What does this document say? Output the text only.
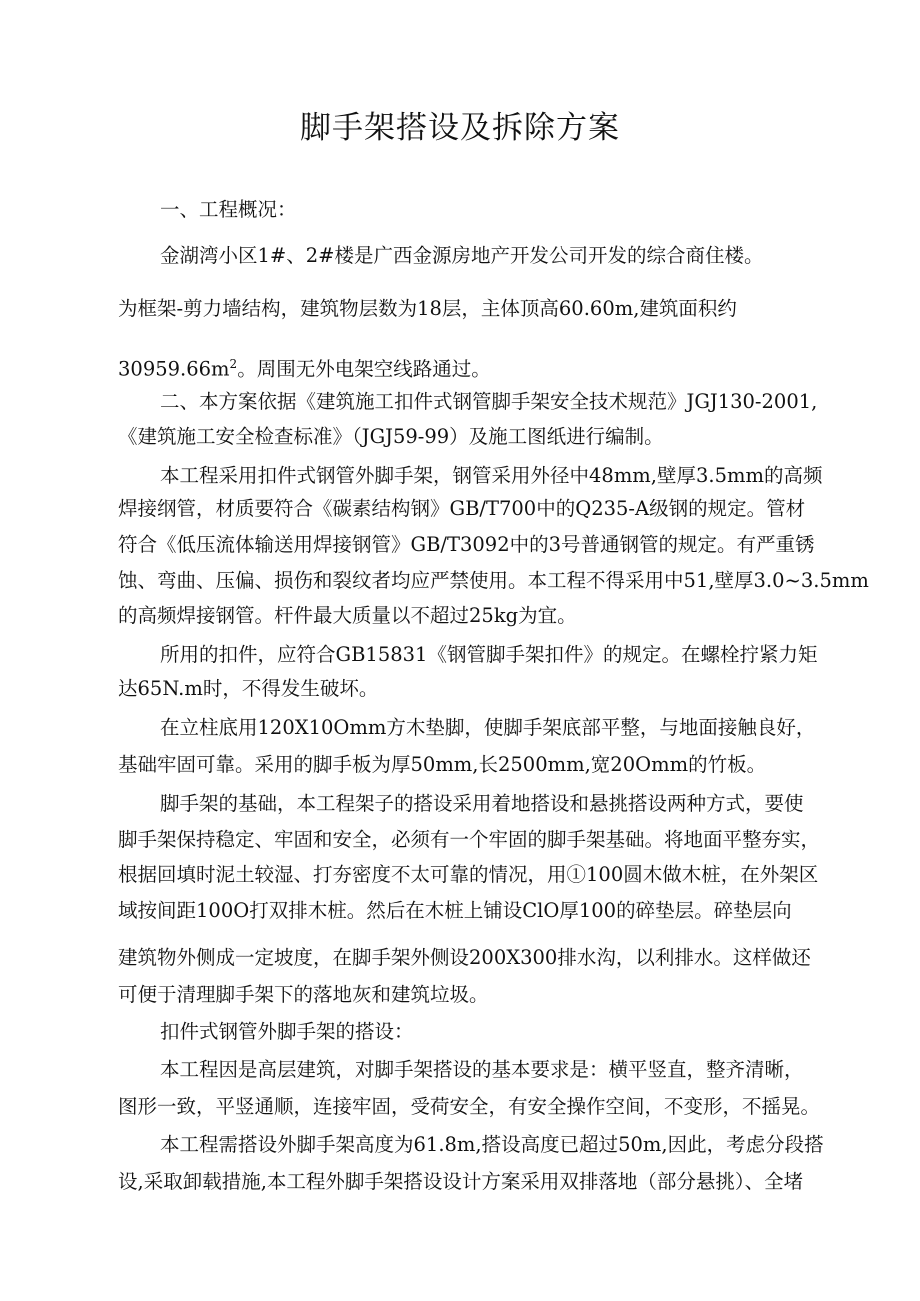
脚手架搭设及拆除方案

一、工程概况：

金湖湾小区1#、2#楼是广西金源房地产开发公司开发的综合商住楼。

为框架-剪力墙结构，建筑物层数为18层，主体顶高60.60m,建筑面积约

$30959.66m^2$。周围无外电架空线路通过。

二、本方案依据《建筑施工扣件式钢管脚手架安全技术规范》JGJ130-2001,

《建筑施工安全检查标准》（JGJ59-99）及施工图纸进行编制。

本工程采用扣件式钢管外脚手架，钢管采用外径中48mm,壁厚3.5mm的高频

焊接纲管，材质要符合《碳素结构钢》GB/T700中的Q235-A级钢的规定。管材

符合《低压流体输送用焊接钢管》GB/T3092中的3号普通钢管的规定。有严重锈

蚀、弯曲、压偏、损伤和裂纹者均应严禁使用。本工程不得采用中51,壁厚3.0~3.5mm

的高频焊接钢管。杆件最大质量以不超过25kg为宜。

所用的扣件，应符合GB15831《钢管脚手架扣件》的规定。在螺栓拧紧力矩

达65N.m时，不得发生破坏。

在立柱底用120X10Omm方木垫脚，使脚手架底部平整，与地面接触良好，

基础牢固可靠。采用的脚手板为厚50mm,长2500mm,宽20Omm的竹板。

脚手架的基础，本工程架子的搭设采用着地搭设和悬挑搭设两种方式，要使

脚手架保持稳定、牢固和安全，必须有一个牢固的脚手架基础。将地面平整夯实，

根据回填时泥土较湿、打夯密度不太可靠的情况，用①100圆木做木桩，在外架区

域按间距100O打双排木桩。然后在木桩上铺设ClO厚100的碎垫层。碎垫层向

建筑物外侧成一定坡度，在脚手架外侧设200X300排水沟，以利排水。这样做还

可便于清理脚手架下的落地灰和建筑垃圾。

扣件式钢管外脚手架的搭设：

本工程因是高层建筑，对脚手架搭设的基本要求是：横平竖直，整齐清晰，

图形一致，平竖通顺，连接牢固，受荷安全，有安全操作空间，不变形，不摇晃。

本工程需搭设外脚手架高度为61.8m,搭设高度已超过50m,因此，考虑分段搭

设,采取卸载措施,本工程外脚手架搭设设计方案采用双排落地（部分悬挑）、全堵
